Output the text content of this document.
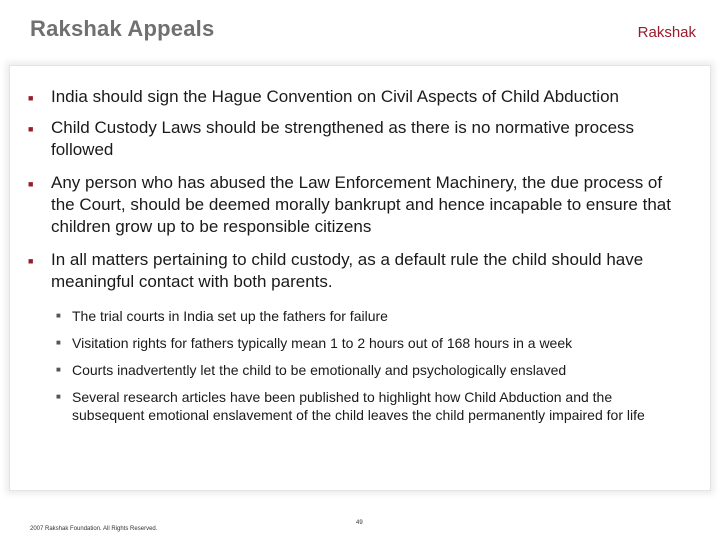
Rakshak Appeals	Rakshak
■ India should sign the Hague Convention on Civil Aspects of Child Abduction
■ Child Custody Laws should be strengthened as there is no normative process followed
■ Any person who has abused the Law Enforcement Machinery, the due process of the Court, should be deemed morally bankrupt and hence incapable to ensure that children grow up to be responsible citizens
■ In all matters pertaining to child custody, as a default rule the child should have meaningful contact with both parents.
■ The trial courts in India set up the fathers for failure
■ Visitation rights for fathers typically mean 1 to 2 hours out of 168 hours in a week
■ Courts inadvertently let the child to be emotionally and psychologically enslaved
■ Several research articles have been published to highlight how Child Abduction and the subsequent emotional enslavement of the child leaves the child permanently impaired for life
2007 Rakshak Foundation. All Rights Reserved.
49
